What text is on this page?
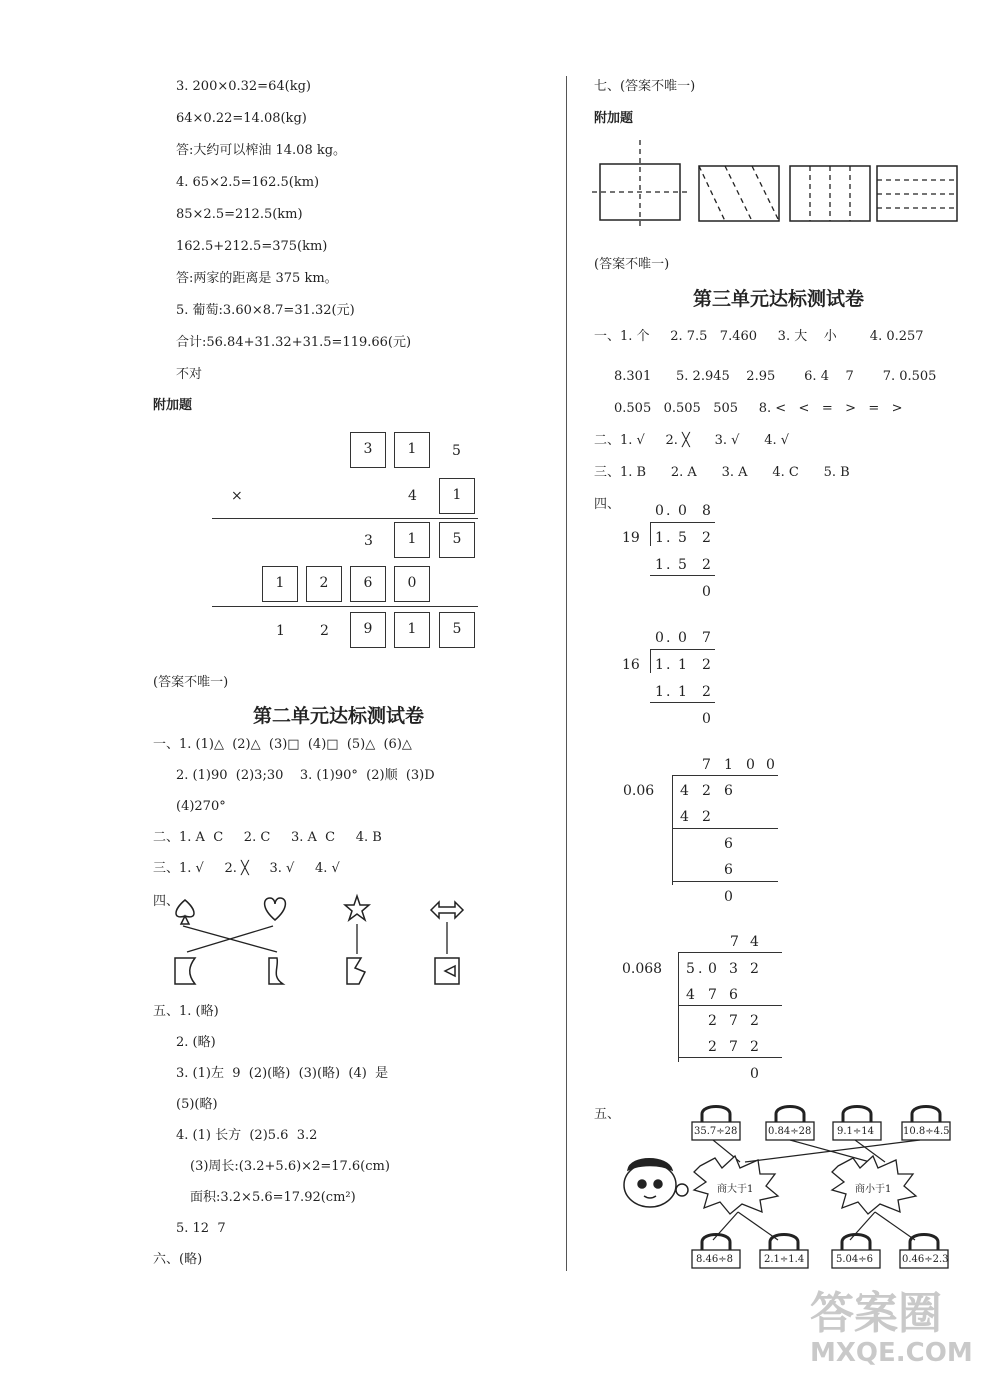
3. 200×0.32=64(kg)
64×0.22=14.08(kg)
答:大约可以榨油 14.08 kg。
4. 65×2.5=162.5(km)
85×2.5=212.5(km)
162.5+212.5=375(km)
答:两家的距离是 375 km。
5. 葡萄:3.60×8.7=31.32(元)
合计:56.84+31.32+31.5=119.66(元)
不对
附加题
3	1	5
×	4	1
3	1	5
1	2	6	0
1	2	9	1	5
(答案不唯一)
第二单元达标测试卷
一、1. (1)△  (2)△  (3)□  (4)□  (5)△  (6)△
2. (1)90  (2)3;30    3. (1)90°  (2)顺  (3)D
(4)270°
二、1. A  C     2. C     3. A  C     4. B
三、1. √     2. ╳     3. √     4. √
四、
五、1. (略)
2. (略)
3. (1)左  9  (2)(略)  (3)(略)  (4)  是
(5)(略)
4. (1) 长方  (2)5.6  3.2
(3)周长:(3.2+5.6)×2=17.6(cm)
面积:3.2×5.6=17.92(cm²)
5. 12  7
六、(略)
七、(答案不唯一)
附加题
(答案不唯一)
第三单元达标测试卷
一、1. 个     2. 7.5   7.460     3. 大    小        4. 0.257
8.301      5. 2.945    2.95       6. 4    7       7. 0.505
0.505   0.505   505     8. <   <   =   >   =   >
二、1. √     2. ╳      3. √      4. √
三、1. B      2. A      3. A      4. C      5. B
四、 0 . 0 8
19 1 . 5 2
1 . 5 2
0
0 . 0 7
16 1 . 1 2
1 . 1 2
0
7 1 0 0
0.06 4 2 6
4 2
6
6
0
7 4
0.068 5 . 0 3 2
4 7 6
2 7 2
2 7 2
0
五、
35.7÷28	0.84÷28	9.1÷14	10.8÷4.5
商大于1	商小于1
8.46÷8	2.1÷1.4	5.04÷6	0.46÷2.3
答案圈
MXQE.COM
